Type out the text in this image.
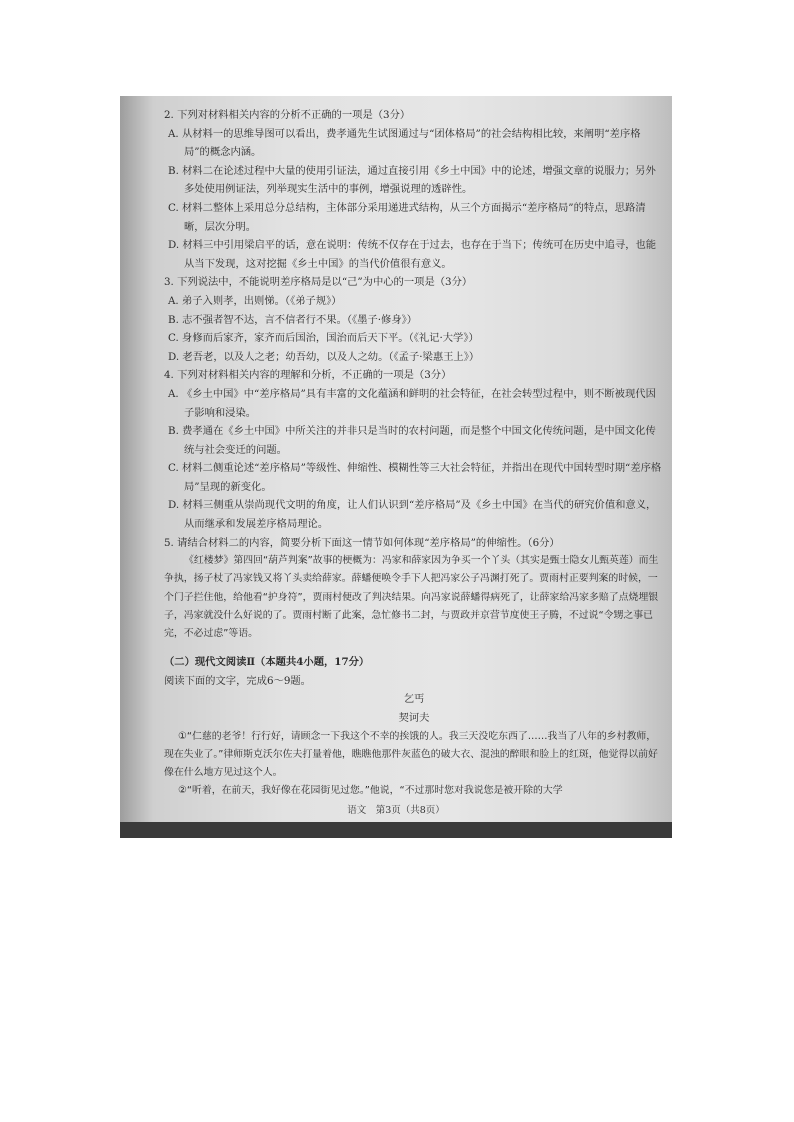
2. 下列对材料相关内容的分析不正确的一项是（3分）

A. 从材料一的思维导图可以看出，费孝通先生试图通过与“团体格局”的社会结构相比较，来阐明“差序格局”的概念内涵。

B. 材料二在论述过程中大量的使用引证法，通过直接引用《乡土中国》中的论述，增强文章的说服力；另外多处使用例证法，列举现实生活中的事例，增强说理的透辟性。

C. 材料二整体上采用总分总结构，主体部分采用递进式结构，从三个方面揭示“差序格局”的特点，思路清晰，层次分明。

D. 材料三中引用梁启平的话，意在说明：传统不仅存在于过去，也存在于当下；传统可在历史中追寻，也能从当下发现，这对挖掘《乡土中国》的当代价值很有意义。

3. 下列说法中，不能说明差序格局是以“己”为中心的一项是（3分）

A. 弟子入则孝，出则悌。（《弟子规》）

B. 志不强者智不达，言不信者行不果。（《墨子·修身》）

C. 身修而后家齐，家齐而后国治，国治而后天下平。（《礼记·大学》）

D. 老吾老，以及人之老；幼吾幼，以及人之幼。（《孟子·梁惠王上》）

4. 下列对材料相关内容的理解和分析，不正确的一项是（3分）

A. 《乡土中国》中“差序格局”具有丰富的文化蕴涵和鲜明的社会特征，在社会转型过程中，则不断被现代因子影响和浸染。

B. 费孝通在《乡土中国》中所关注的并非只是当时的农村问题，而是整个中国文化传统问题，是中国文化传统与社会变迁的问题。

C. 材料二侧重论述“差序格局”等级性、伸缩性、模糊性等三大社会特征，并指出在现代中国转型时期“差序格局”呈现的新变化。

D. 材料三侧重从崇尚现代文明的角度，让人们认识到“差序格局”及《乡土中国》在当代的研究价值和意义，从而继承和发展差序格局理论。

5. 请结合材料二的内容，简要分析下面这一情节如何体现“差序格局”的伸缩性。（6分）

《红楼梦》第四回“葫芦判案”故事的梗概为：冯家和薛家因为争买一个丫头（其实是甄士隐女儿甄英莲）而生争执，扬子杖了冯家钱又将丫头卖给薛家。薛蟠便唤令手下人把冯家公子冯渊打死了。贾雨村正要判案的时候，一个门子拦住他，给他看“护身符”，贾雨村便改了判决结果。向冯家说薛蟠得病死了，让薛家给冯家多赔了点烧埋银子，冯家就没什么好说的了。贾雨村断了此案，急忙修书二封，与贾政并京营节度使王子腾，不过说“令甥之事已完，不必过虑”等语。

（二）现代文阅读Ⅱ（本题共4小题，17分）

阅读下面的文字，完成6～9题。

乞丐

契诃夫

①“仁慈的老爷！行行好，请顾念一下我这个不幸的挨饿的人。我三天没吃东西了……我当了八年的乡村教师，现在失业了。”律师斯克沃尔佐夫打量着他，瞧瞧他那件灰蓝色的破大衣、混浊的醉眼和脸上的红斑，他觉得以前好像在什么地方见过这个人。

②“听着，在前天，我好像在花园街见过您。”他说，“不过那时您对我说您是被开除的大学

语文　第3页（共8页）
